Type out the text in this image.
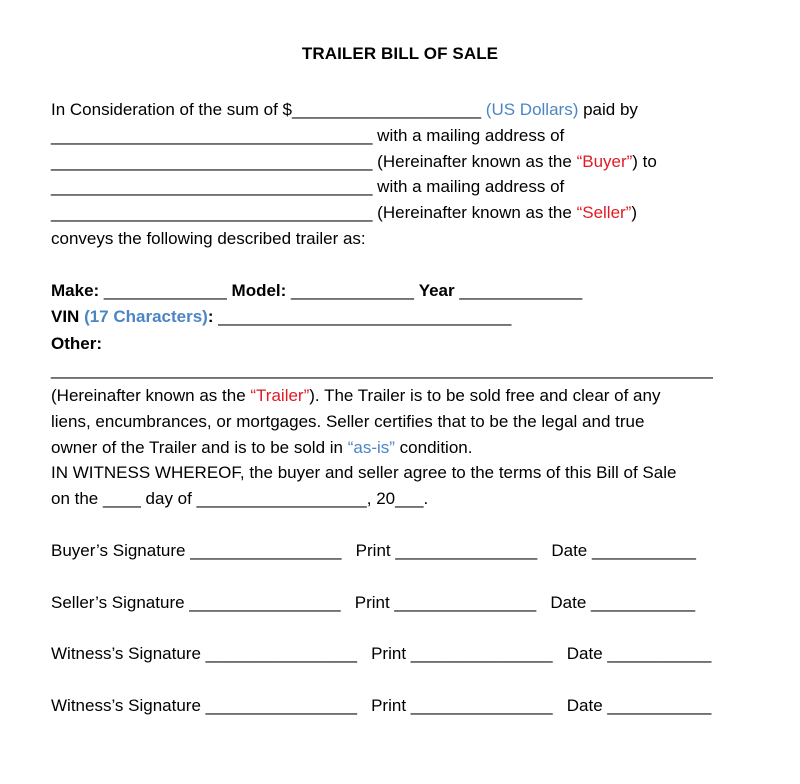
TRAILER BILL OF SALE
In Consideration of the sum of $____________________ (US Dollars) paid by
__________________________________ with a mailing address of
__________________________________ (Hereinafter known as the “Buyer”) to
__________________________________ with a mailing address of
__________________________________ (Hereinafter known as the “Seller”)
conveys the following described trailer as:
Make: _____________ Model: _____________ Year _____________
VIN (17 Characters): _______________________________
Other:
______________________________________________________________________
(Hereinafter known as the “Trailer”). The Trailer is to be sold free and clear of any
liens, encumbrances, or mortgages. Seller certifies that to be the legal and true
owner of the Trailer and is to be sold in “as-is” condition.
IN WITNESS WHEREOF, the buyer and seller agree to the terms of this Bill of Sale
on the ____ day of __________________, 20___.
Buyer’s Signature ________________   Print _______________   Date ___________
Seller’s Signature ________________   Print _______________   Date ___________
Witness’s Signature ________________   Print _______________   Date ___________
Witness’s Signature ________________   Print _______________   Date ___________
